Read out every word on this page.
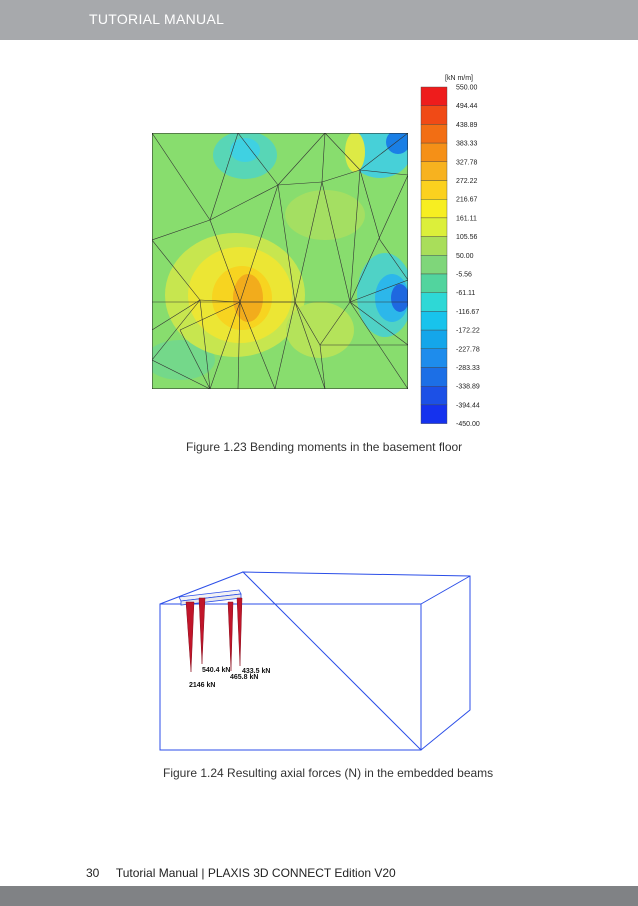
TUTORIAL MANUAL
[kN m/m]
550.00
494.44
438.89
383.33
327.78
272.22
216.67
161.11
105.56
50.00
-5.56
-61.11
-116.67
-172.22
-227.78
-283.33
-338.89
-394.44
-450.00
Figure 1.23 Bending moments in the basement floor
540.4 kN 433.5 kN
465.8 kN
2146 kN
Figure 1.24 Resulting axial forces (N) in the embedded beams
30 Tutorial Manual | PLAXIS 3D CONNECT Edition V20
